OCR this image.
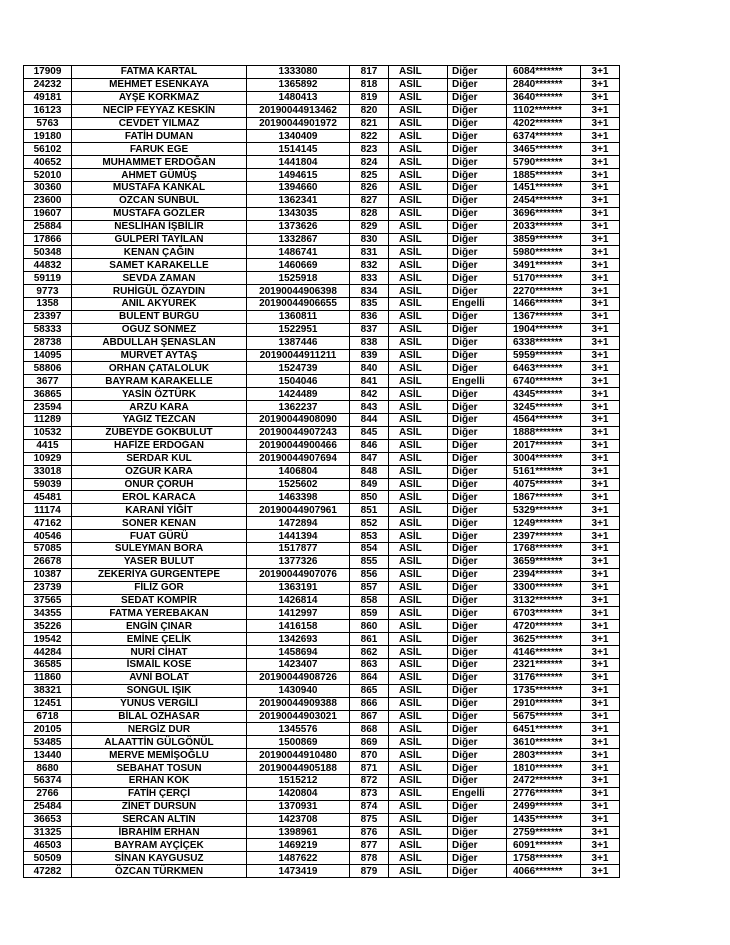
17909	FATMA KARTAL	1333080	817	ASİL	Diğer	6084*******	3+1
24232	MEHMET ESENKAYA	1365892	818	ASİL	Diğer	2840*******	3+1
49181	AYŞE KORKMAZ	1480413	819	ASİL	Diğer	3640*******	3+1
16123	NECİP FEYYAZ KESKİN	20190044913462	820	ASİL	Diğer	1102*******	3+1
5763	CEVDET YILMAZ	20190044901972	821	ASİL	Diğer	4202*******	3+1
19180	FATİH DUMAN	1340409	822	ASİL	Diğer	6374*******	3+1
56102	FARUK EGE	1514145	823	ASİL	Diğer	3465*******	3+1
40652	MUHAMMET ERDOĞAN	1441804	824	ASİL	Diğer	5790*******	3+1
52010	AHMET GÜMÜŞ	1494615	825	ASİL	Diğer	1885*******	3+1
30360	MUSTAFA KANKAL	1394660	826	ASİL	Diğer	1451*******	3+1
23600	ÖZCAN SÜNBÜL	1362341	827	ASİL	Diğer	2454*******	3+1
19607	MUSTAFA GÖZLER	1343035	828	ASİL	Diğer	3696*******	3+1
25884	NESLİHAN İŞBİLİR	1373626	829	ASİL	Diğer	2033*******	3+1
17866	GÜLPERİ TAYİLAN	1332867	830	ASİL	Diğer	3859*******	3+1
50348	KENAN ÇAĞIN	1486741	831	ASİL	Diğer	5980*******	3+1
44832	SAMET KARAKELLE	1460669	832	ASİL	Diğer	3491*******	3+1
59119	SEVDA ZAMAN	1525918	833	ASİL	Diğer	5170*******	3+1
9773	RUHİGÜL ÖZAYDIN	20190044906398	834	ASİL	Diğer	2270*******	3+1
1358	ANIL AKYÜREK	20190044906655	835	ASİL	Engelli	1466*******	3+1
23397	BÜLENT BURĞU	1360811	836	ASİL	Diğer	1367*******	3+1
58333	OĞUZ SÖNMEZ	1522951	837	ASİL	Diğer	1904*******	3+1
28738	ABDULLAH ŞENASLAN	1387446	838	ASİL	Diğer	6338*******	3+1
14095	MÜRVET AYTAŞ	20190044911211	839	ASİL	Diğer	5959*******	3+1
58806	ORHAN ÇATALOLUK	1524739	840	ASİL	Diğer	6463*******	3+1
3677	BAYRAM KARAKELLE	1504046	841	ASİL	Engelli	6740*******	3+1
36865	YASİN ÖZTÜRK	1424489	842	ASİL	Diğer	4345*******	3+1
23594	ARZU KARA	1362237	843	ASİL	Diğer	3245*******	3+1
11289	YAĞIZ TEZCAN	20190044908090	844	ASİL	Diğer	4564*******	3+1
10532	ZÜBEYDE GÖKBULUT	20190044907243	845	ASİL	Diğer	1888*******	3+1
4415	HAFİZE ERDOĞAN	20190044900466	846	ASİL	Diğer	2017*******	3+1
10929	SERDAR KUL	20190044907694	847	ASİL	Diğer	3004*******	3+1
33018	ÖZGÜR KARA	1406804	848	ASİL	Diğer	5161*******	3+1
59039	ONUR ÇORUH	1525602	849	ASİL	Diğer	4075*******	3+1
45481	EROL KARACA	1463398	850	ASİL	Diğer	1867*******	3+1
11174	KARANİ YİĞİT	20190044907961	851	ASİL	Diğer	5329*******	3+1
47162	SONER KENAN	1472894	852	ASİL	Diğer	1249*******	3+1
40546	FUAT GÜRÜ	1441394	853	ASİL	Diğer	2397*******	3+1
57085	SÜLEYMAN BORA	1517877	854	ASİL	Diğer	1768*******	3+1
26678	YASER BULUT	1377326	855	ASİL	Diğer	3659*******	3+1
10387	ZEKERİYA GÜRGENTEPE	20190044907076	856	ASİL	Diğer	2394*******	3+1
23739	FİLİZ GÖR	1363191	857	ASİL	Diğer	3300*******	3+1
37565	SEDAT KOMPİR	1426814	858	ASİL	Diğer	3132*******	3+1
34355	FATMA YEREBAKAN	1412997	859	ASİL	Diğer	6703*******	3+1
35226	ENGİN ÇINAR	1416158	860	ASİL	Diğer	4720*******	3+1
19542	EMİNE ÇELİK	1342693	861	ASİL	Diğer	3625*******	3+1
44284	NURİ CİHAT	1458694	862	ASİL	Diğer	4146*******	3+1
36585	İSMAİL KÖSE	1423407	863	ASİL	Diğer	2321*******	3+1
11860	AVNİ BOLAT	20190044908726	864	ASİL	Diğer	3176*******	3+1
38321	SONGÜL IŞIK	1430940	865	ASİL	Diğer	1735*******	3+1
12451	YUNUS VERGİLİ	20190044909388	866	ASİL	Diğer	2910*******	3+1
6718	BİLAL ÖZHASAR	20190044903021	867	ASİL	Diğer	5675*******	3+1
20105	NERGİZ DUR	1345576	868	ASİL	Diğer	6451*******	3+1
53485	ALAATTİN GÜLGÖNÜL	1500869	869	ASİL	Diğer	3610*******	3+1
13440	MERVE MEMİŞOĞLU	20190044910480	870	ASİL	Diğer	2803*******	3+1
8680	SEBAHAT TOSUN	20190044905188	871	ASİL	Diğer	1810*******	3+1
56374	ERHAN KÖK	1515212	872	ASİL	Diğer	2472*******	3+1
2766	FATİH ÇERÇİ	1420804	873	ASİL	Engelli	2776*******	3+1
25484	ZİNET DURSUN	1370931	874	ASİL	Diğer	2499*******	3+1
36653	SERCAN ALTIN	1423708	875	ASİL	Diğer	1435*******	3+1
31325	İBRAHİM ERHAN	1398961	876	ASİL	Diğer	2759*******	3+1
46503	BAYRAM AYÇİÇEK	1469219	877	ASİL	Diğer	6091*******	3+1
50509	SİNAN KAYGUSUZ	1487622	878	ASİL	Diğer	1758*******	3+1
47282	ÖZCAN TÜRKMEN	1473419	879	ASİL	Diğer	4066*******	3+1
